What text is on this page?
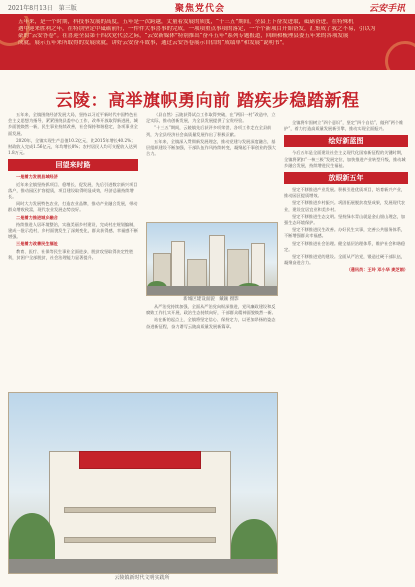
2021年8月13日　第三版	聚焦党代会	云安手讯
五年来，是一个时期，科技事发展的高度，五年是一次跨越，丈量着发展的质度，“十三五”期间，全县上下奋发进取，砥砺奋进，在特殊机
遇中迎来胜利之年，在特别坚定中砥砺前行，一件件大事喜事的完成，一项项重点事项的落定，一个个新项目开始奋发，汇集成了我之不易，引以为
豪的“云安答卷”。在喜迎全县第十四次党代会之际，“云安新媒体”特别推出“奋斗五年”系列专题报道，回顾和梳理县委五年来的各项发展
成就，展示五年来所取得的发展成就，讲好云安奋斗故事，通过云安答卷展示自信的“成绩单”和发展“说明书”。
云陵：高举旗帜勇向前 踏疾步稳踏新程

五年来，全镇围绕经济发展大局，坚持以习近平新时代中国特色社会主义思想为指导，紧紧围绕县委中心工作，改革开放取得新进展，城乡面貌焕然一新，民生事业持续改善，社会保持和谐稳定，各项事业全面发展。

2020年，全镇实现生产总值10.2亿元，比2015年增长40.2%；财政收入完成1.56亿元，年均增长8%；农村居民人均可支配收入达到1.8万元。

回望来时路

一是着力发展县域经济

近年来全镇坚持抓项目、稳增长、促发展，先后引进数宗新兴项目落户，推动园区扩容提质，项目建设取得明显成效，经济总量持续增长。

同时大力发展特色农业，打造农业品牌，推动产业融合发展，带动群众增收致富，现代农业发展态势良好。

二是着力推进城乡融合

持续推进人居环境整治，实施美丽乡村建设，完成村庄规划编制，建成一批示范村，乡村面貌发生了深刻变化，群众获得感、幸福感不断增强。

三是着力改善民生福祉

教育、医疗、社保等民生事业全面进步，脱贫攻坚取得决定性胜利，贫困户全部脱贫，社会治理能力显著提升。

（县自然）云陵获得试点工作取得突破，在“两旧一村”改造中，立足实际，推动创新发展，为全县发展提供了宝贵经验。

“十三五”期间，云陵镇先后获评多项荣誉，各项工作走在全县前列，为全县经济社会高质量发展作出了积极贡献。

五年来，全镇深入贯彻新发展理念，推动党建与发展深度融合，基层组织建设不断加强，干部队伍作风持续转变，凝聚起干事创业的强大合力。

新城区建设面貌　戴颖 摄影

从严治党持续加强，全面从严治党向纵深推进，党风廉政建设和反腐败工作扎实开展，政治生态持续向好，干部群众精神面貌焕然一新。

站在新的起点上，全镇将坚定信心、保持定力，以更加昂扬的姿态奋进新征程，奋力谱写云陵高质量发展新篇章。

全镇将牢固树立“四个意识”，坚定“四个自信”，做到“两个维护”，着力打造高质量发展新引擎，推动实现全面振兴。

绘好新蓝图

今后五年是全面建设社会主义现代化国家新征程的关键时期，全镇将紧扣“一核三极”发展定位，加快推进产业转型升级，推动城乡融合发展，持续增进民生福祉。

放眼新五年

坚定不移推进产业发展。积极引进优质项目，培育新兴产业，推动园区提质增效。

坚定不移推进乡村振兴。巩固拓展脱贫攻坚成果，发展现代农业，建设宜居宜业和美乡村。

坚定不移推进生态文明。坚持绿水青山就是金山银山理念，加强生态环境保护。

坚定不移推进民生改善。办好民生实事，完善公共服务体系，不断增强群众幸福感。

坚定不移推进社会治理。健全基层治理体系，维护社会和谐稳定。

坚定不移推进党的建设。全面从严治党，锻造过硬干部队伍，凝聚奋进合力。

（通讯员：王玲 邓小华 麦芝娟）

云陵镇新时代文明实践所
